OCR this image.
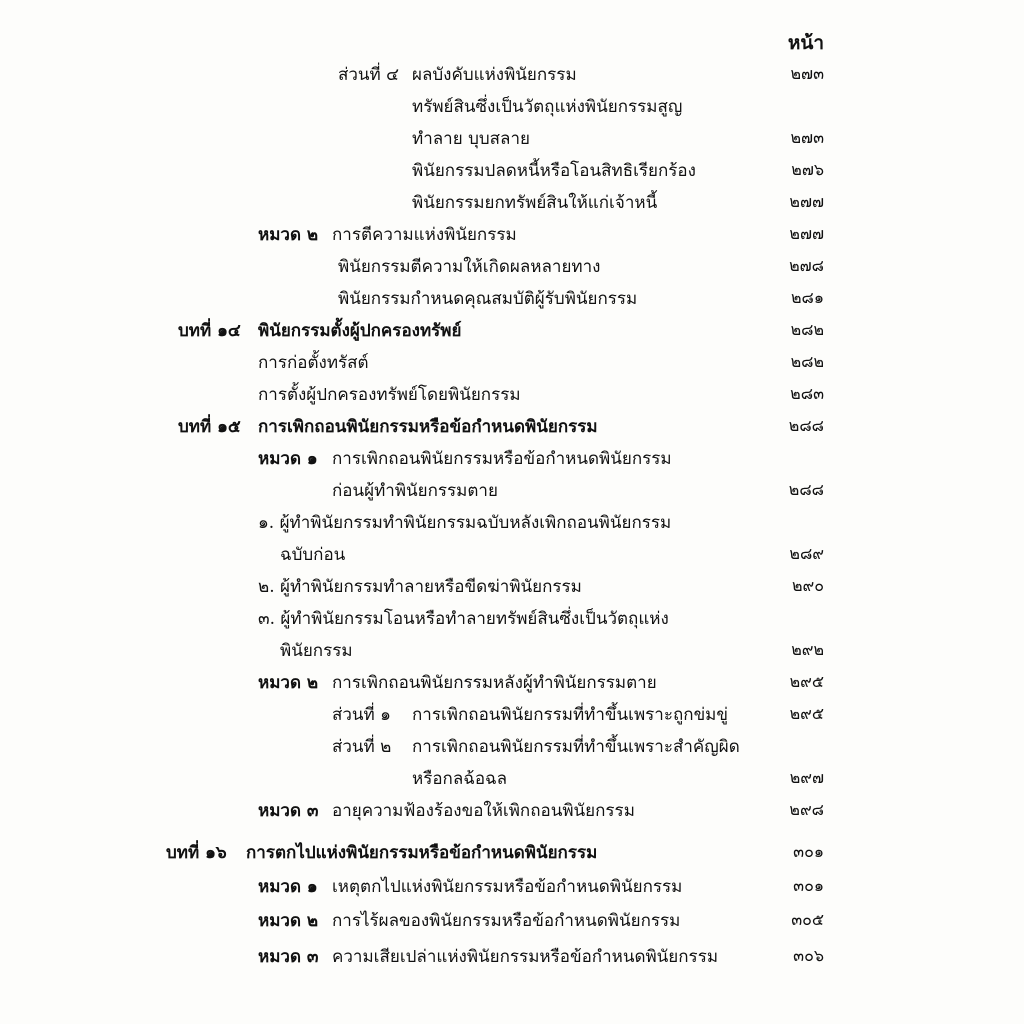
หน้า
ส่วนที่ ๔ ผลบังคับแห่งพินัยกรรม	๒๗๓
ทรัพย์สินซึ่งเป็นวัตถุแห่งพินัยกรรมสูญ
ทำลาย บุบสลาย	๒๗๓
พินัยกรรมปลดหนี้หรือโอนสิทธิเรียกร้อง	๒๗๖
พินัยกรรมยกทรัพย์สินให้แก่เจ้าหนี้	๒๗๗
หมวด ๒ การตีความแห่งพินัยกรรม	๒๗๗
พินัยกรรมตีความให้เกิดผลหลายทาง	๒๗๘
พินัยกรรมกำหนดคุณสมบัติผู้รับพินัยกรรม	๒๘๑
บทที่ ๑๔	พินัยกรรมตั้งผู้ปกครองทรัพย์	๒๘๒
การก่อตั้งทรัสต์	๒๘๒
การตั้งผู้ปกครองทรัพย์โดยพินัยกรรม	๒๘๓
บทที่ ๑๕	การเพิกถอนพินัยกรรมหรือข้อกำหนดพินัยกรรม	๒๘๘
หมวด ๑ การเพิกถอนพินัยกรรมหรือข้อกำหนดพินัยกรรม
ก่อนผู้ทำพินัยกรรมตาย	๒๘๘
๑. ผู้ทำพินัยกรรมทำพินัยกรรมฉบับหลังเพิกถอนพินัยกรรม
ฉบับก่อน	๒๘๙
๒. ผู้ทำพินัยกรรมทำลายหรือขีดฆ่าพินัยกรรม	๒๙๐
๓. ผู้ทำพินัยกรรมโอนหรือทำลายทรัพย์สินซึ่งเป็นวัตถุแห่ง
พินัยกรรม	๒๙๒
หมวด ๒ การเพิกถอนพินัยกรรมหลังผู้ทำพินัยกรรมตาย	๒๙๕
ส่วนที่ ๑	การเพิกถอนพินัยกรรมที่ทำขึ้นเพราะถูกข่มขู่	๒๙๕
ส่วนที่ ๒	การเพิกถอนพินัยกรรมที่ทำขึ้นเพราะสำคัญผิด
หรือกลฉ้อฉล	๒๙๗
หมวด ๓ อายุความฟ้องร้องขอให้เพิกถอนพินัยกรรม	๒๙๘
บทที่ ๑๖	การตกไปแห่งพินัยกรรมหรือข้อกำหนดพินัยกรรม	๓๐๑
หมวด ๑ เหตุตกไปแห่งพินัยกรรมหรือข้อกำหนดพินัยกรรม	๓๐๑
หมวด ๒ การไร้ผลของพินัยกรรมหรือข้อกำหนดพินัยกรรม	๓๐๕
หมวด ๓ ความเสียเปล่าแห่งพินัยกรรมหรือข้อกำหนดพินัยกรรม	๓๐๖
